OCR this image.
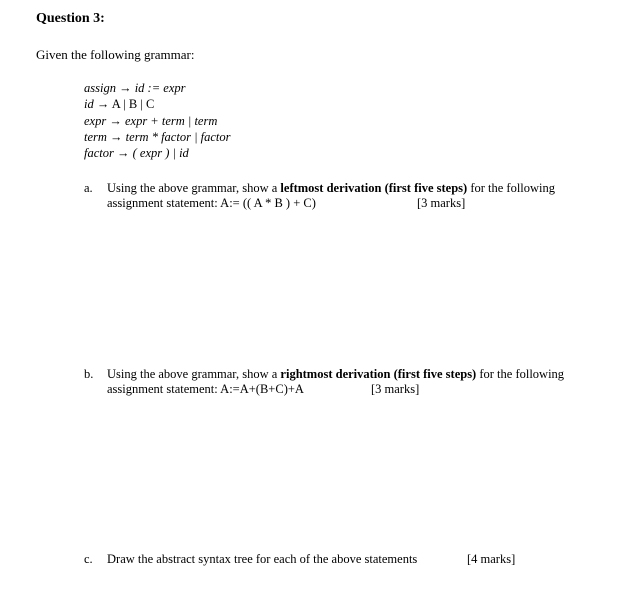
Question 3:
Given the following grammar:
assign → id := expr
id → A | B | C
expr → expr + term | term
term → term * factor | factor
factor → ( expr ) | id
a. Using the above grammar, show a leftmost derivation (first five steps) for the following
assignment statement: A:= (( A * B ) + C)	[3 marks]
b. Using the above grammar, show a rightmost derivation (first five steps) for the following
assignment statement: A:=A+(B+C)+A	[3 marks]
c. Draw the abstract syntax tree for each of the above statements	[4 marks]
